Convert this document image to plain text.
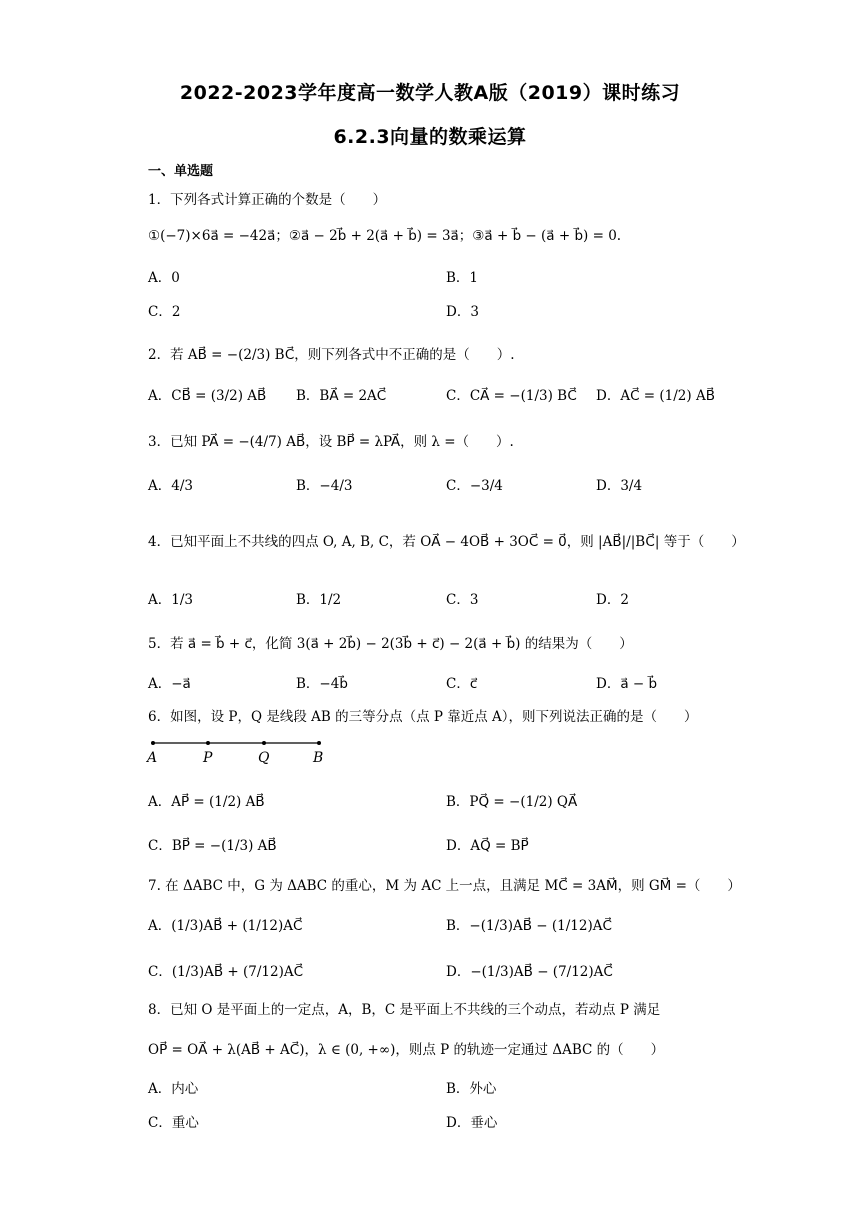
2022-2023学年度高一数学人教A版（2019）课时练习
6.2.3向量的数乘运算
一、单选题
1．下列各式计算正确的个数是（　　）
①(−7)×6a⃗ = −42a⃗；②a⃗ − 2b⃗ + 2(a⃗ + b⃗) = 3a⃗；③a⃗ + b⃗ − (a⃗ + b⃗) = 0.
A．0	B．1
C．2	D．3
2．若 AB⃗ = −(2/3) BC⃗，则下列各式中不正确的是（　　）.
A．CB⃗ = (3/2) AB⃗ B．BA⃗ = 2AC⃗	C．CA⃗ = −(1/3) BC⃗ D．AC⃗ = (1/2) AB⃗
3．已知 PA⃗ = −(4/7) AB⃗，设 BP⃗ = λPA⃗，则 λ =（　　）.
A．4/3	B．−4/3	C．−3/4	D．3/4
4．已知平面上不共线的四点 O, A, B, C，若 OA⃗ − 4OB⃗ + 3OC⃗ = 0⃗，则 |AB⃗|/|BC⃗| 等于（　　）
A．1/3	B．1/2	C．3	D．2
5．若 a⃗ = b⃗ + c⃗，化简 3(a⃗ + 2b⃗) − 2(3b⃗ + c⃗) − 2(a⃗ + b⃗) 的结果为（　　）
A．−a⃗	B．−4b⃗	C．c⃗	D．a⃗ − b⃗
6．如图，设 P，Q 是线段 AB 的三等分点（点 P 靠近点 A），则下列说法正确的是（　　）
A	P	Q	B
A．AP⃗ = (1/2) AB⃗	B．PQ⃗ = −(1/2) QA⃗
C．BP⃗ = −(1/3) AB⃗	D．AQ⃗ = BP⃗
7. 在 ΔABC 中，G 为 ΔABC 的重心，M 为 AC 上一点，且满足 MC⃗ = 3AM⃗，则 GM⃗ =（　　）
A．(1/3)AB⃗ + (1/12)AC⃗	B．−(1/3)AB⃗ − (1/12)AC⃗
C．(1/3)AB⃗ + (7/12)AC⃗	D．−(1/3)AB⃗ − (7/12)AC⃗
8．已知 O 是平面上的一定点，A，B，C 是平面上不共线的三个动点，若动点 P 满足
OP⃗ = OA⃗ + λ(AB⃗ + AC⃗)，λ ∈ (0, +∞)，则点 P 的轨迹一定通过 ΔABC 的（　　）
A．内心	B．外心
C．重心	D．垂心
